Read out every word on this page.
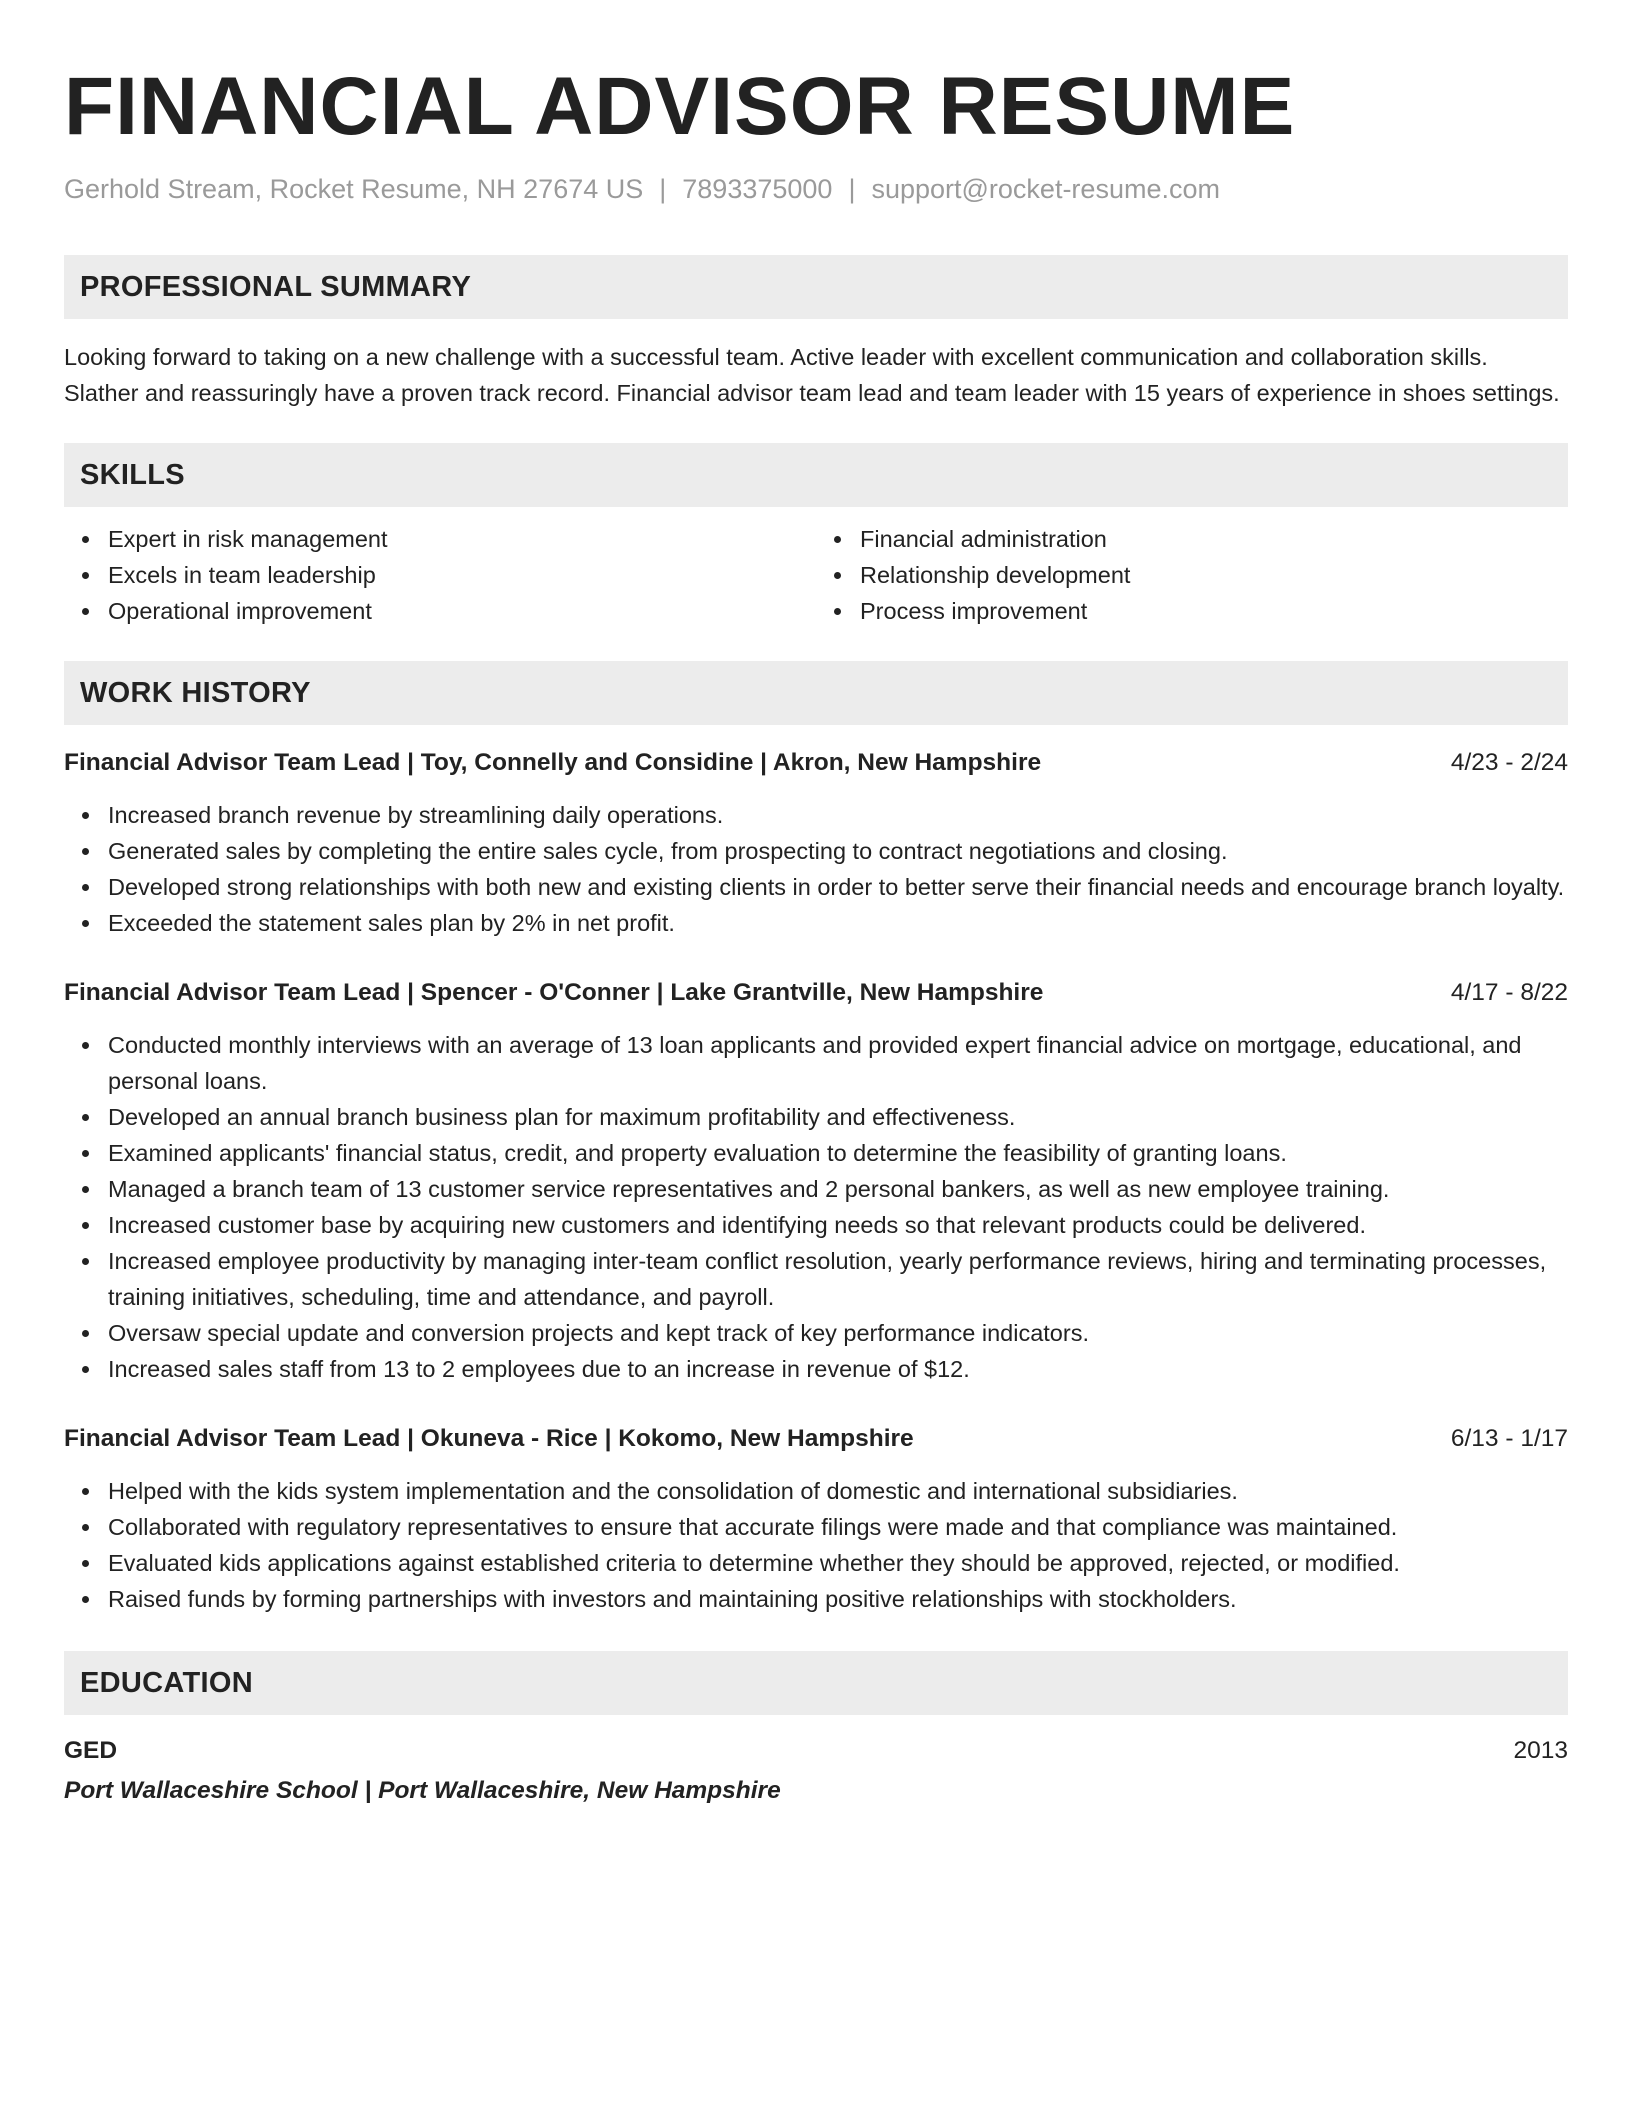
FINANCIAL ADVISOR RESUME
Gerhold Stream, Rocket Resume, NH 27674 US | 7893375000 | support@rocket-resume.com
PROFESSIONAL SUMMARY

Looking forward to taking on a new challenge with a successful team. Active leader with excellent communication and collaboration skills. Slather and reassuringly have a proven track record. Financial advisor team lead and team leader with 15 years of experience in shoes settings.

SKILLS
Expert in risk management
Excels in team leadership
Operational improvement
Financial administration
Relationship development
Process improvement
WORK HISTORY
Financial Advisor Team Lead | Toy, Connelly and Considine | Akron, New Hampshire	4/23 - 2/24
Increased branch revenue by streamlining daily operations.
Generated sales by completing the entire sales cycle, from prospecting to contract negotiations and closing.
Developed strong relationships with both new and existing clients in order to better serve their financial needs and encourage branch loyalty.
Exceeded the statement sales plan by 2% in net profit.
Financial Advisor Team Lead | Spencer - O'Conner | Lake Grantville, New Hampshire	4/17 - 8/22
Conducted monthly interviews with an average of 13 loan applicants and provided expert financial advice on mortgage, educational, and personal loans.
Developed an annual branch business plan for maximum profitability and effectiveness.
Examined applicants' financial status, credit, and property evaluation to determine the feasibility of granting loans.
Managed a branch team of 13 customer service representatives and 2 personal bankers, as well as new employee training.
Increased customer base by acquiring new customers and identifying needs so that relevant products could be delivered.
Increased employee productivity by managing inter-team conflict resolution, yearly performance reviews, hiring and terminating processes, training initiatives, scheduling, time and attendance, and payroll.
Oversaw special update and conversion projects and kept track of key performance indicators.
Increased sales staff from 13 to 2 employees due to an increase in revenue of $12.
Financial Advisor Team Lead | Okuneva - Rice | Kokomo, New Hampshire	6/13 - 1/17
Helped with the kids system implementation and the consolidation of domestic and international subsidiaries.
Collaborated with regulatory representatives to ensure that accurate filings were made and that compliance was maintained.
Evaluated kids applications against established criteria to determine whether they should be approved, rejected, or modified.
Raised funds by forming partnerships with investors and maintaining positive relationships with stockholders.
EDUCATION
GED	2013
Port Wallaceshire School | Port Wallaceshire, New Hampshire
